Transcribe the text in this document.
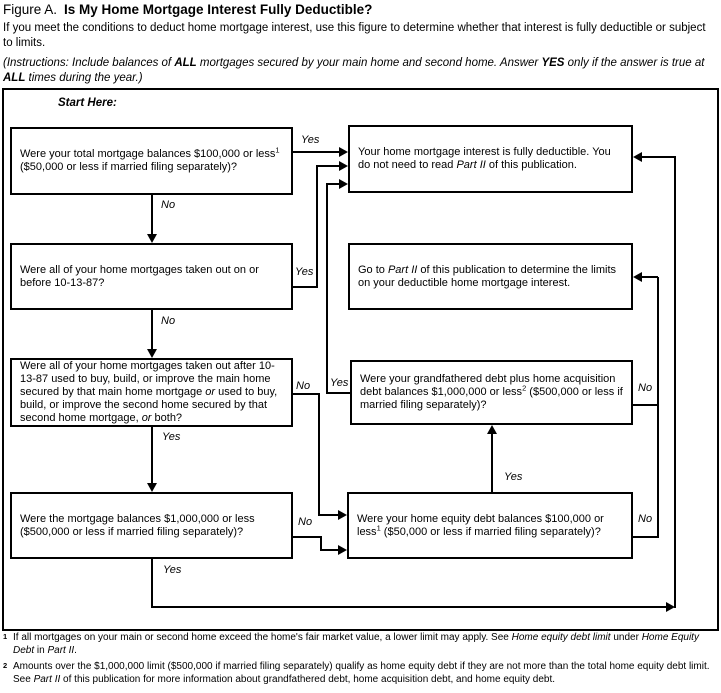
Figure A. Is My Home Mortgage Interest Fully Deductible?
If you meet the conditions to deduct home mortgage interest, use this figure to determine whether that interest is fully deductible or subject to limits.
(Instructions: Include balances of ALL mortgages secured by your main home and second home. Answer YES only if the answer is true at ALL times during the year.)
Start Here:
Were your total mortgage balances $100,000 or less$^1$ ($50,000 or less if married filing separately)?
Were all of your home mortgages taken out on or before 10-13-87?
Were all of your home mortgages taken out after 10-13-87 used to buy, build, or improve the main home secured by that main home mortgage or used to buy, build, or improve the second home secured by that second home mortgage, or both?
Were the mortgage balances $1,000,000 or less ($500,000 or less if married filing separately)?
Your home mortgage interest is fully deductible. You do not need to read Part II of this publication.
Go to Part II of this publication to determine the limits on your deductible home mortgage interest.
Were your grandfathered debt plus home acquisition debt balances $1,000,000 or less$^2$ ($500,000 or less if married filing separately)?
Were your home equity debt balances $100,000 or less$^1$ ($50,000 or less if married filing separately)?
Yes
No
Yes
No
No Yes
Yes
No
Yes
Yes
No
No
1 If all mortgages on your main or second home exceed the home's fair market value, a lower limit may apply. See Home equity debt limit under Home Equity Debt in Part II.
2 Amounts over the $1,000,000 limit ($500,000 if married filing separately) qualify as home equity debt if they are not more than the total home equity debt limit. See Part II of this publication for more information about grandfathered debt, home acquisition debt, and home equity debt.
